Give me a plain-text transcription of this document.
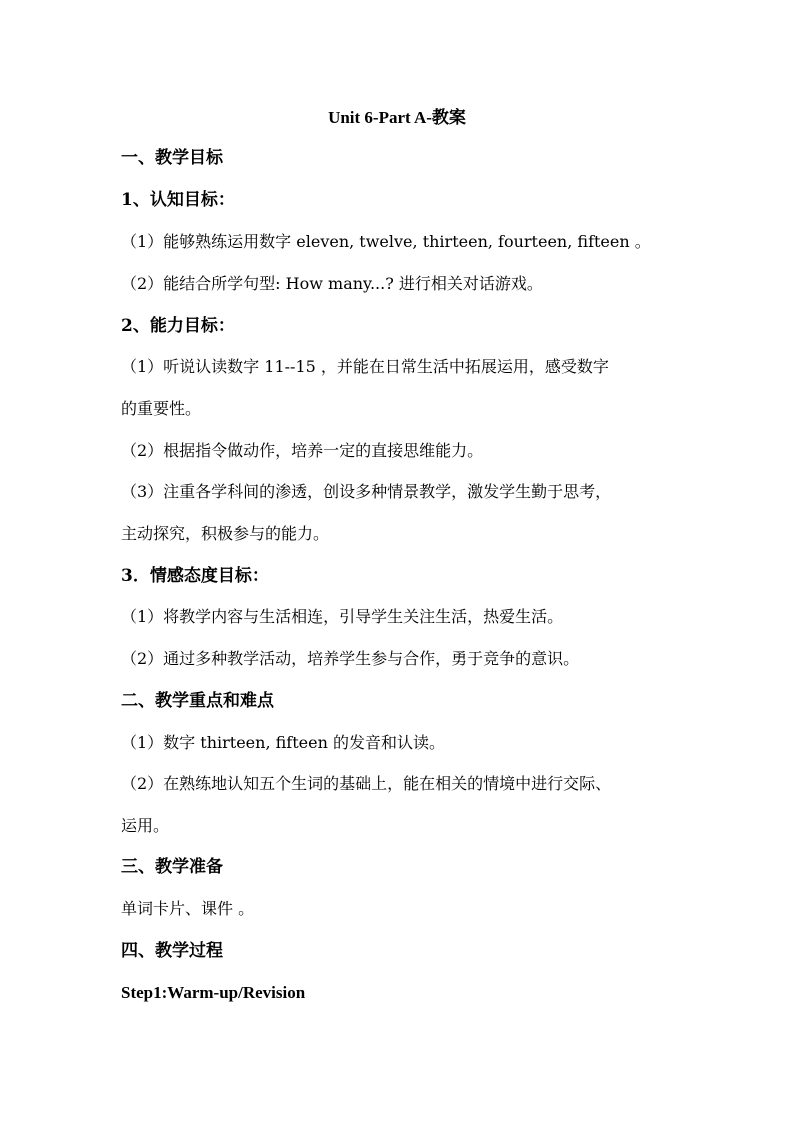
Unit 6-Part A-教案
一、教学目标
1、认知目标：
（1）能够熟练运用数字 eleven, twelve, thirteen, fourteen, fifteen 。
（2）能结合所学句型: How many...? 进行相关对话游戏。
2、能力目标：
（1）听说认读数字 11--15 ，并能在日常生活中拓展运用，感受数字
的重要性。
（2）根据指令做动作，培养一定的直接思维能力。
（3）注重各学科间的渗透，创设多种情景教学，激发学生勤于思考，
主动探究，积极参与的能力。
3．情感态度目标：
（1）将教学内容与生活相连，引导学生关注生活，热爱生活。
（2）通过多种教学活动，培养学生参与合作，勇于竞争的意识。
二、教学重点和难点
（1）数字 thirteen, fifteen 的发音和认读。
（2）在熟练地认知五个生词的基础上，能在相关的情境中进行交际、
运用。
三、教学准备
单词卡片、课件 。
四、教学过程
Step1:Warm-up/Revision
